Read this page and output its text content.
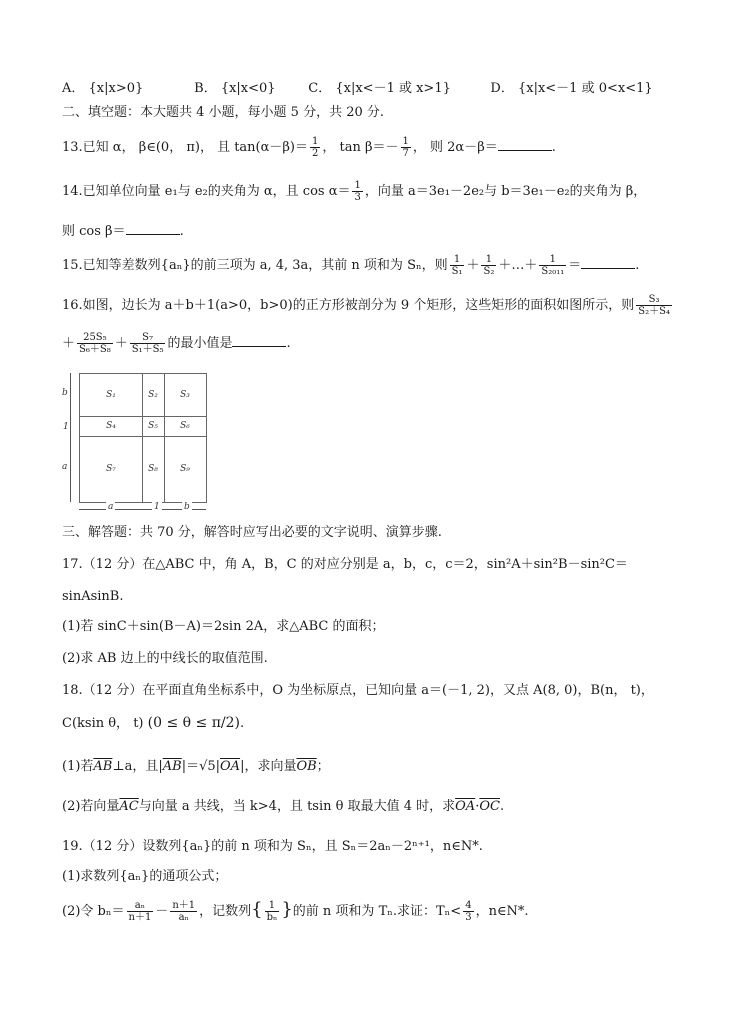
A． {x|x>0}	B． {x|x<0}	C． {x|x<－1 或 x>1}	D． {x|x<－1 或 0<x<1}
二、填空题：本大题共 4 小题，每小题 5 分，共 20 分.
13.已知 α， β∈(0， π)， 且 $\tan(\alpha-\beta)= \frac{1}{2}$ ， $\tan \beta=- \frac{1}{7}$ ， 则 2α－β＝	.
14.已知单位向量 e₁与 e₂的夹角为 α，且 $\cos \alpha= \frac{1}{3}$ ，向量 a＝3e₁－2e₂与 b＝3e₁－e₂的夹角为 β，
则 cos β＝	.
15.已知等差数列{aₙ}的前三项为 a, 4, 3a，其前 n 项和为 Sₙ，则 $\frac{1}{\text{S₁}} + \frac{1}{\text{S₂}}$ ＋…＋ $\frac{1}{\text{S₂₀₁₁}}$ ＝	.
16.如图，边长为 a＋b＋1(a>0，b>0)的正方形被剖分为 9 个矩形，这些矩形的面积如图所示，则 $\frac{\text{S₃}}{\text{S₂＋S₄}}$
＋ $\frac{\text{25S₅}}{\text{S₆＋S₈}} + \frac{\text{S₇}}{\text{S₁＋S₅}}$ 的最小值是	.
S₁	S₂	S₃
S₄	S₅	S₆
S₇	S₈	S₉
b
1
a
a	1	b
三、解答题：共 70 分，解答时应写出必要的文字说明、演算步骤.
17.（12 分）在△ABC 中，角 A，B，C 的对应分别是 a，b，c，c＝2，sin²A＋sin²B－sin²C＝
sinAsinB.
(1)若 sinC＋sin(B－A)＝2sin 2A，求△ABC 的面积；
(2)求 AB 边上的中线长的取值范围.
18.（12 分）在平面直角坐标系中，O 为坐标原点，已知向量 a＝(－1, 2)，又点 A(8, 0)，B(n， t)，
C(ksin θ， t) (0 ≤ θ ≤ π/2).
(1)若$\overline{AB}\perp a$，且$|\overline{AB}|=√5|\overline{OA}|$，求向量$\overline{OB}$；
(2)若向量$\overline{AC}$与向量 a 共线，当 k>4，且 tsin θ 取最大值 4 时，求$\overline{OA}\cdot\overline{OC}$.
19.（12 分）设数列{aₙ}的前 n 项和为 Sₙ，且 Sₙ＝2aₙ－2ⁿ⁺¹，n∈N*.
(1)求数列{aₙ}的通项公式；
(2)令 $b_n= \frac{\text{aₙ}}{n+1} - \frac{n+1}{\text{aₙ}}$ ，记数列{ $\frac{1}{\text{bₙ}}$ }的前 n 项和为 Tₙ.求证：$T_n< \frac{4}{3}$ ，n∈N*.
